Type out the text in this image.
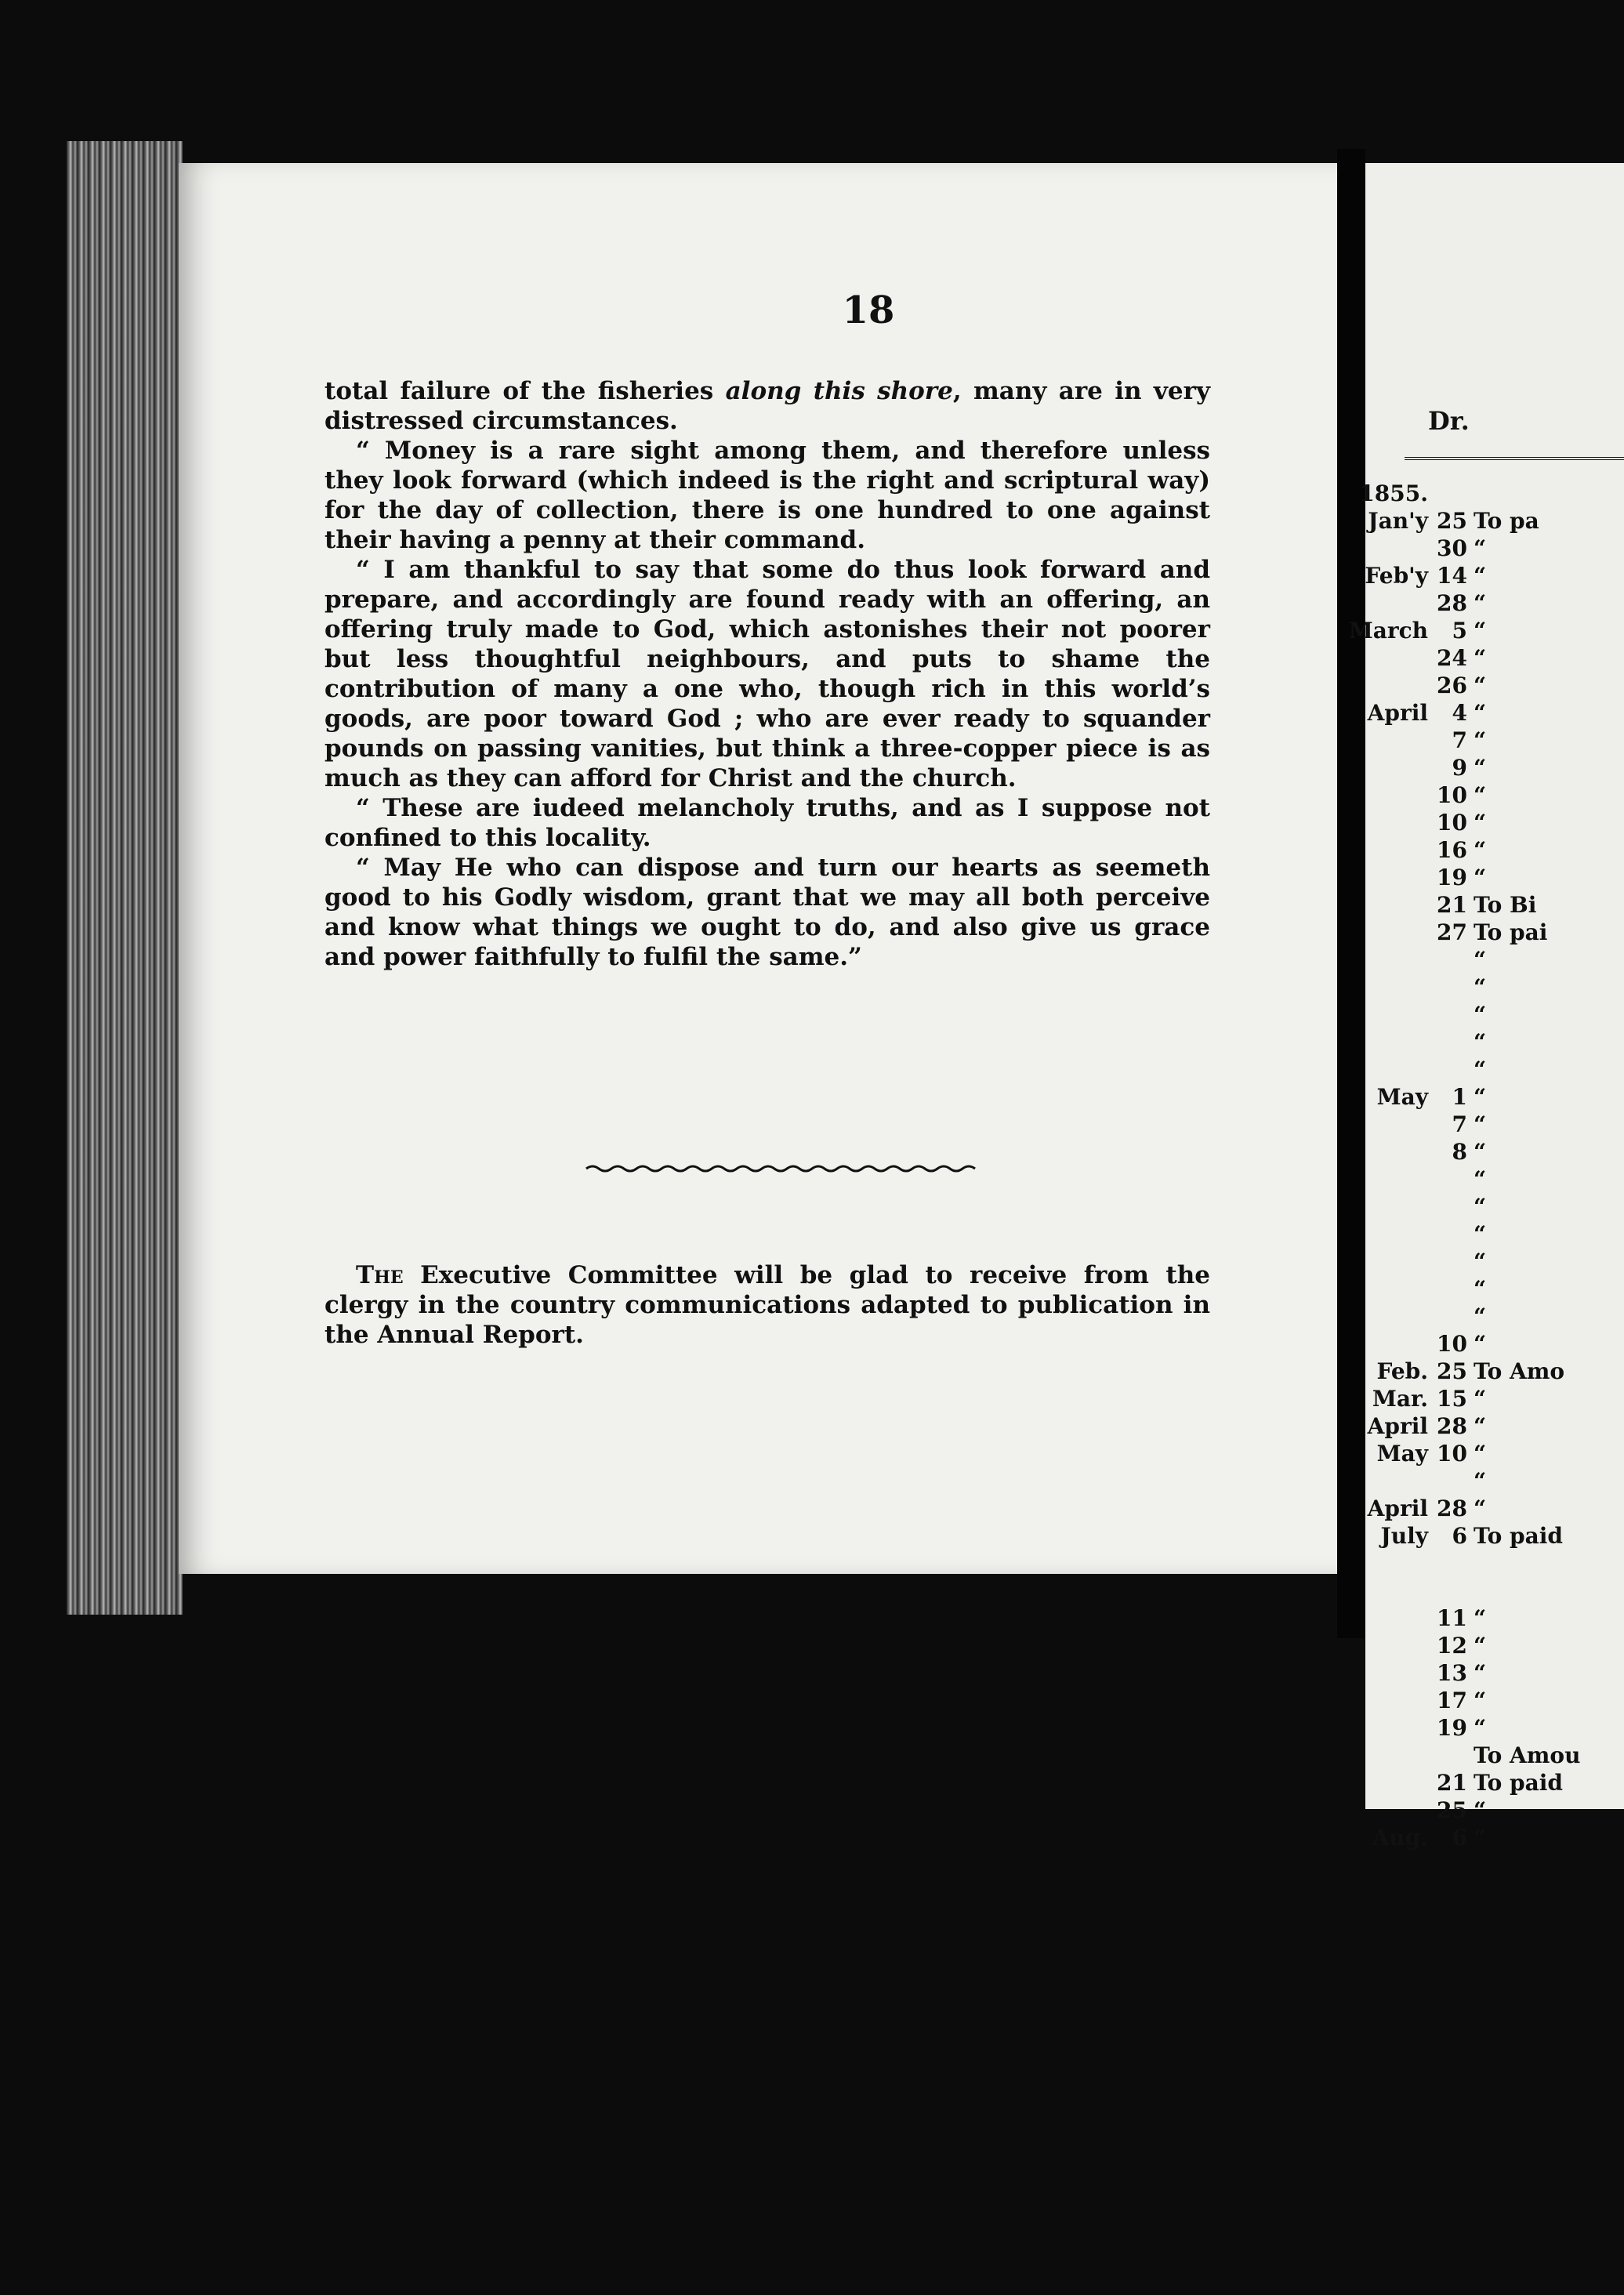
18

total failure of the fisheries along this shore, many are in very distressed circumstances.

“ Money is a rare sight among them, and therefore unless they look forward (which indeed is the right and scriptural way) for the day of collection, there is one hundred to one against their having a penny at their command.

“ I am thankful to say that some do thus look forward and prepare, and accordingly are found ready with an offering, an offering truly made to God, which astonishes their not poorer but less thoughtful neighbours, and puts to shame the contribution of many a one who, though rich in this world’s goods, are poor toward God ; who are ever ready to squander pounds on passing vanities, but think a three-copper piece is as much as they can afford for Christ and the church.

“ These are iudeed melancholy truths, and as I suppose not confined to this locality.

“ May He who can dispose and turn our hearts as seemeth good to his Godly wisdom, grant that we may all both perceive and know what things we ought to do, and also give us grace and power faithfully to fulfil the same.”

The Executive Committee will be glad to receive from the clergy in the country communications adapted to publication in the Annual Report.

Dr.
1855.
Jan'y 25 To pa
30 “
Feb'y 14 “
28 “
March	5 “
24 “
26 “
April	4 “
7 “
9 “
10 “
10 “
16 “
19 “
21 To Bi
27 To pai
“
“
“
“
“
May	1 “
7 “
8 “
“
“
“
“
“
“
10 “
Feb. 25 To Amo
Mar. 15 “
April 28 “
May 10 “
“
April 28 “
July	6 To paid
11 “
12 “
13 “
17 “
19 “
To Amou
21 To paid
25 “
Aug.	6 “
